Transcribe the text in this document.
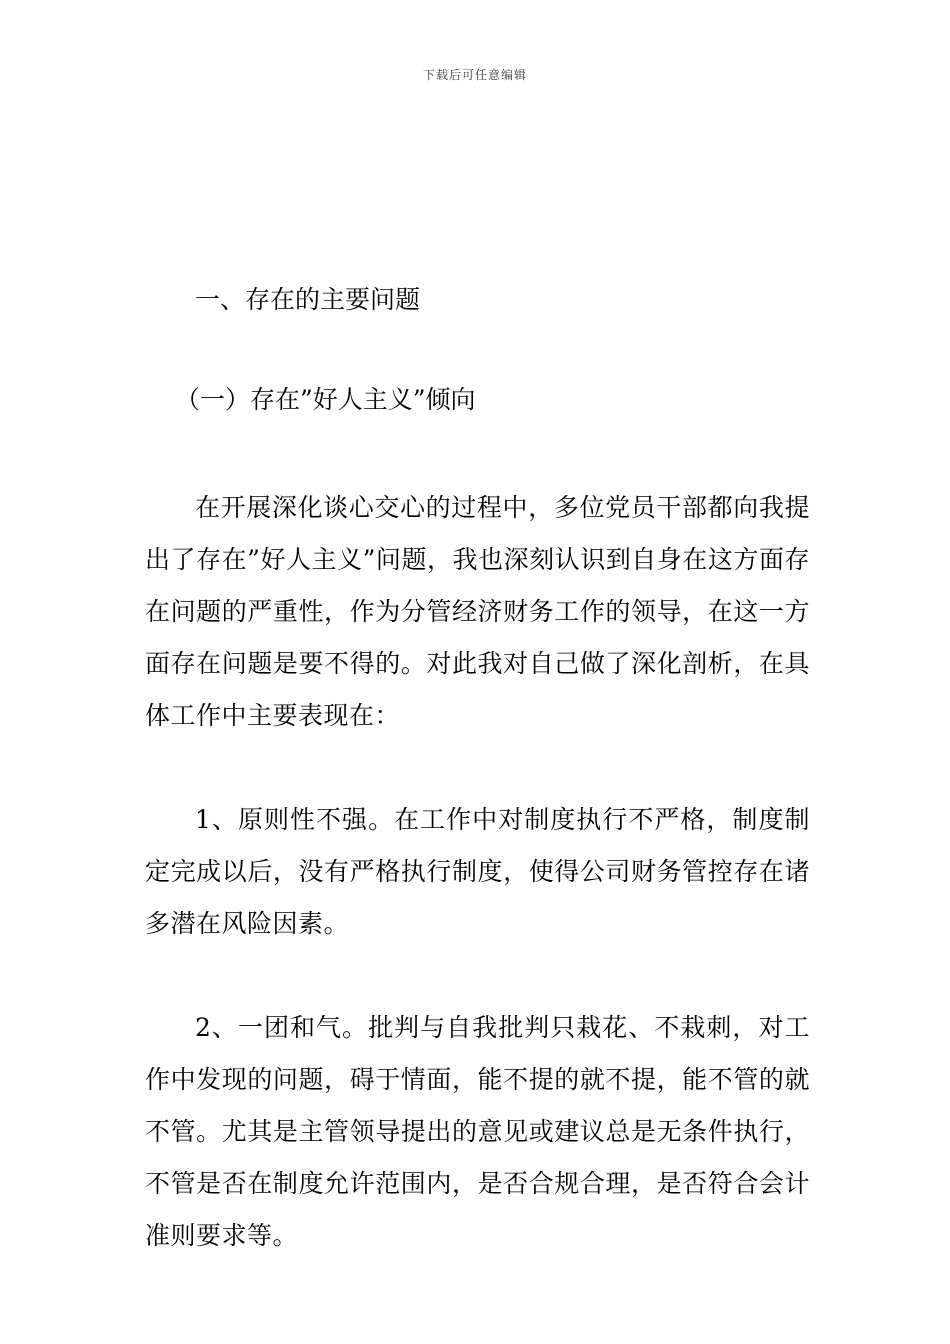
下载后可任意编辑
一、存在的主要问题
（一）存在”好人主义”倾向

在开展深化谈心交心的过程中，多位党员干部都向我提出了存在”好人主义”问题，我也深刻认识到自身在这方面存在问题的严重性，作为分管经济财务工作的领导，在这一方面存在问题是要不得的。对此我对自己做了深化剖析，在具体工作中主要表现在：

1、原则性不强。在工作中对制度执行不严格，制度制定完成以后，没有严格执行制度，使得公司财务管控存在诸多潜在风险因素。

2、一团和气。批判与自我批判只栽花、不栽刺，对工作中发现的问题，碍于情面，能不提的就不提，能不管的就不管。尤其是主管领导提出的意见或建议总是无条件执行，不管是否在制度允许范围内，是否合规合理，是否符合会计准则要求等。
